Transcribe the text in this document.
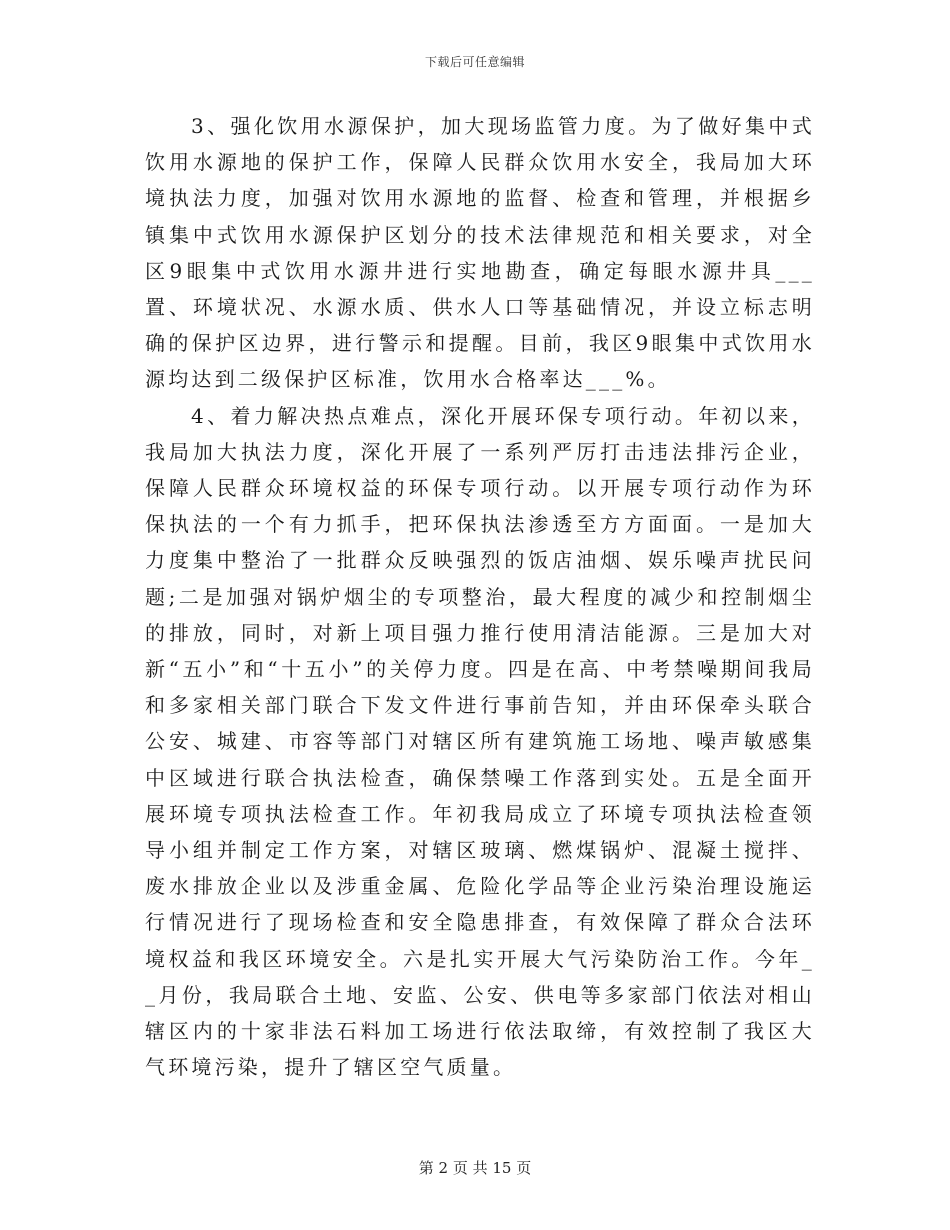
下载后可任意编辑

3、强化饮用水源保护，加大现场监管力度。为了做好集中式饮用水源地的保护工作，保障人民群众饮用水安全，我局加大环境执法力度，加强对饮用水源地的监督、检查和管理，并根据乡镇集中式饮用水源保护区划分的技术法律规范和相关要求，对全区9眼集中式饮用水源井进行实地勘查，确定每眼水源井具___置、环境状况、水源水质、供水人口等基础情况，并设立标志明确的保护区边界，进行警示和提醒。目前，我区9眼集中式饮用水源均达到二级保护区标准，饮用水合格率达___%。

4、着力解决热点难点，深化开展环保专项行动。年初以来，我局加大执法力度，深化开展了一系列严厉打击违法排污企业，保障人民群众环境权益的环保专项行动。以开展专项行动作为环保执法的一个有力抓手，把环保执法渗透至方方面面。一是加大力度集中整治了一批群众反映强烈的饭店油烟、娱乐噪声扰民问题;二是加强对锅炉烟尘的专项整治，最大程度的减少和控制烟尘的排放，同时，对新上项目强力推行使用清洁能源。三是加大对新“五小”和“十五小”的关停力度。四是在高、中考禁噪期间我局和多家相关部门联合下发文件进行事前告知，并由环保牵头联合公安、城建、市容等部门对辖区所有建筑施工场地、噪声敏感集中区域进行联合执法检查，确保禁噪工作落到实处。五是全面开展环境专项执法检查工作。年初我局成立了环境专项执法检查领导小组并制定工作方案，对辖区玻璃、燃煤锅炉、混凝土搅拌、废水排放企业以及涉重金属、危险化学品等企业污染治理设施运行情况进行了现场检查和安全隐患排查，有效保障了群众合法环境权益和我区环境安全。六是扎实开展大气污染防治工作。今年__月份，我局联合土地、安监、公安、供电等多家部门依法对相山辖区内的十家非法石料加工场进行依法取缔，有效控制了我区大气环境污染，提升了辖区空气质量。

第 2 页 共 15 页
